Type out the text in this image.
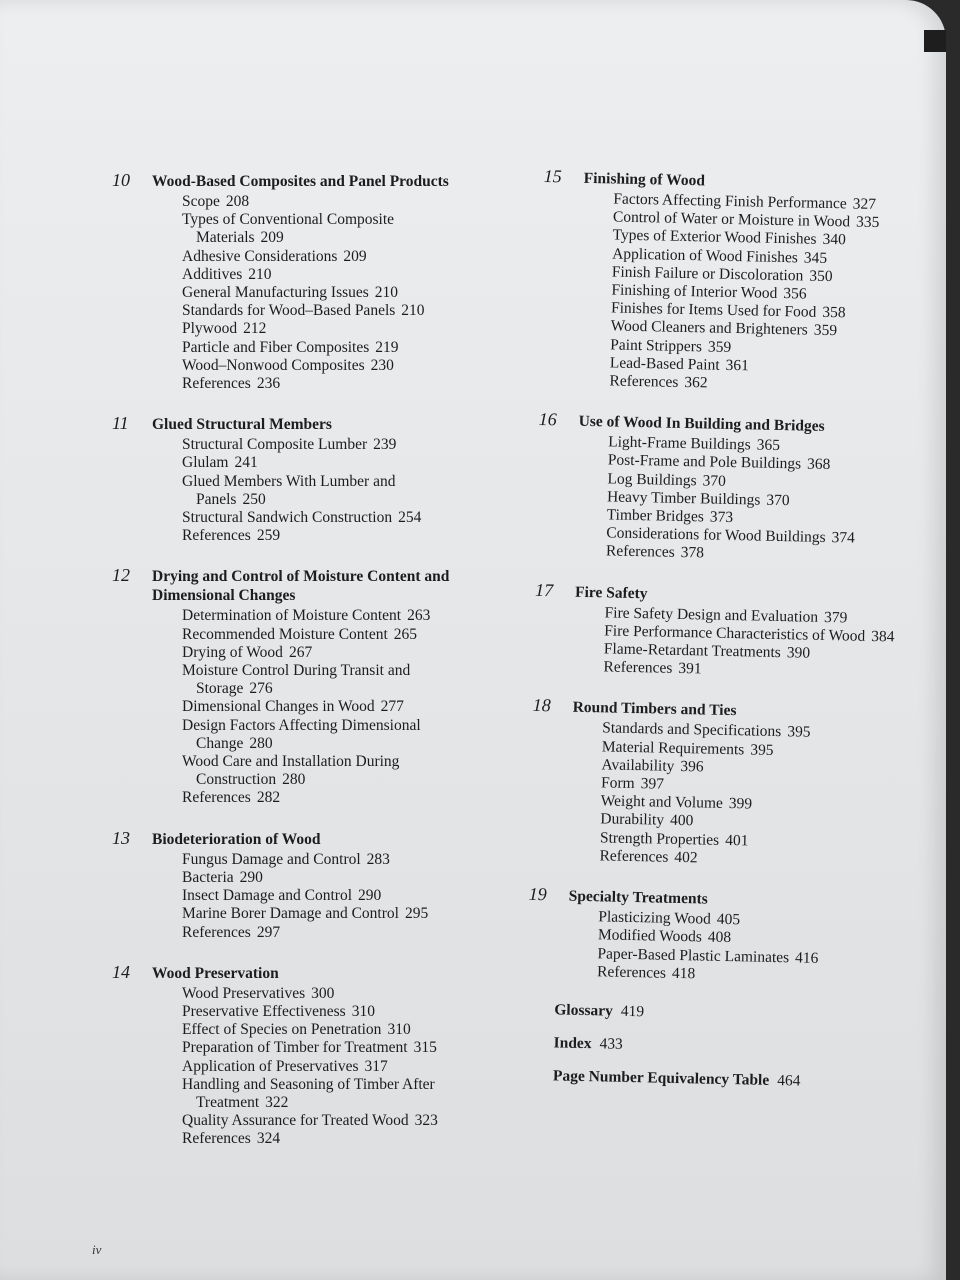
10	Wood-Based Composites and Panel Products
Scope 208
Types of Conventional Composite
Materials 209
Adhesive Considerations 209
Additives 210
General Manufacturing Issues 210
Standards for Wood–Based Panels 210
Plywood 212
Particle and Fiber Composites 219
Wood–Nonwood Composites 230
References 236
11	Glued Structural Members
Structural Composite Lumber 239
Glulam 241
Glued Members With Lumber and
Panels 250
Structural Sandwich Construction 254
References 259
12	Drying and Control of Moisture Content and Dimensional Changes
Determination of Moisture Content 263
Recommended Moisture Content 265
Drying of Wood 267
Moisture Control During Transit and
Storage 276
Dimensional Changes in Wood 277
Design Factors Affecting Dimensional
Change 280
Wood Care and Installation During
Construction 280
References 282
13	Biodeterioration of Wood
Fungus Damage and Control 283
Bacteria 290
Insect Damage and Control 290
Marine Borer Damage and Control 295
References 297
14	Wood Preservation
Wood Preservatives 300
Preservative Effectiveness 310
Effect of Species on Penetration 310
Preparation of Timber for Treatment 315
Application of Preservatives 317
Handling and Seasoning of Timber After
Treatment 322
Quality Assurance for Treated Wood 323
References 324
15	Finishing of Wood
Factors Affecting Finish Performance 327
Control of Water or Moisture in Wood 335
Types of Exterior Wood Finishes 340
Application of Wood Finishes 345
Finish Failure or Discoloration 350
Finishing of Interior Wood 356
Finishes for Items Used for Food 358
Wood Cleaners and Brighteners 359
Paint Strippers 359
Lead-Based Paint 361
References 362
16	Use of Wood In Building and Bridges
Light-Frame Buildings 365
Post-Frame and Pole Buildings 368
Log Buildings 370
Heavy Timber Buildings 370
Timber Bridges 373
Considerations for Wood Buildings 374
References 378
17	Fire Safety
Fire Safety Design and Evaluation 379
Fire Performance Characteristics of Wood 384
Flame-Retardant Treatments 390
References 391
18	Round Timbers and Ties
Standards and Specifications 395
Material Requirements 395
Availability 396
Form 397
Weight and Volume 399
Durability 400
Strength Properties 401
References 402
19	Specialty Treatments
Plasticizing Wood 405
Modified Woods 408
Paper-Based Plastic Laminates 416
References 418
Glossary 419
Index 433
Page Number Equivalency Table 464
iv
